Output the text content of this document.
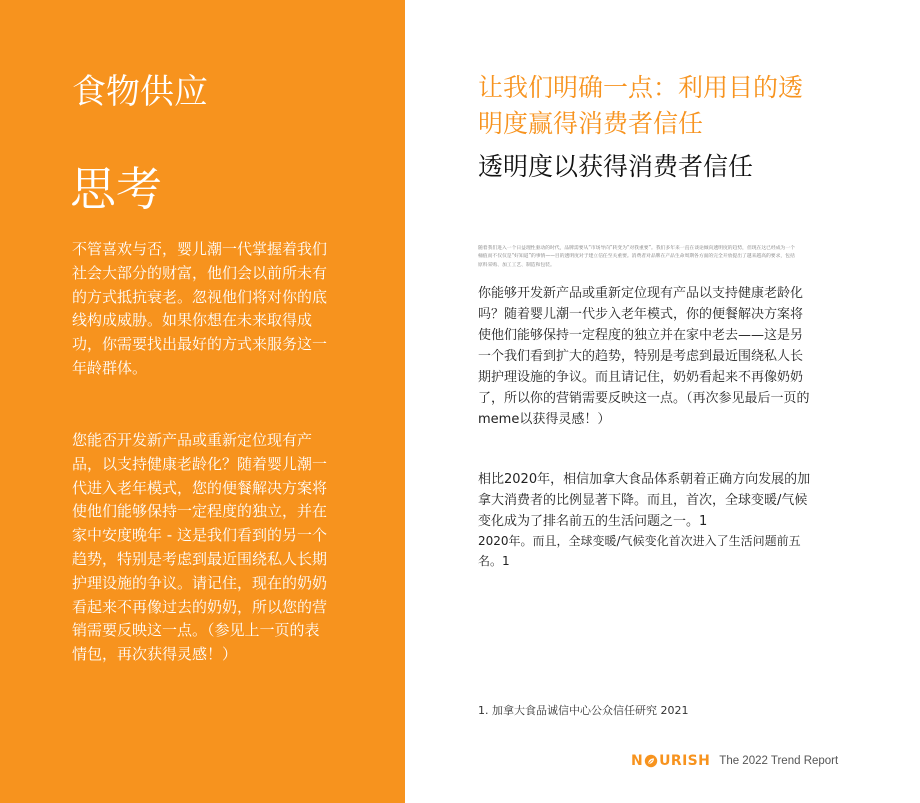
食物供应
思考

不管喜欢与否，婴儿潮一代掌握着我们社会大部分的财富，他们会以前所未有的方式抵抗衰老。忽视他们将对你的底线构成威胁。如果你想在未来取得成功，你需要找出最好的方式来服务这一年龄群体。

您能否开发新产品或重新定位现有产品，以支持健康老龄化？随着婴儿潮一代进入老年模式，您的便餐解决方案将使他们能够保持一定程度的独立，并在家中安度晚年 - 这是我们看到的另一个趋势，特别是考虑到最近围绕私人长期护理设施的争议。请记住，现在的奶奶看起来不再像过去的奶奶，所以您的营销需要反映这一点。（参见上一页的表情包，再次获得灵感！）

让我们明确一点：利用目的透明度赢得消费者信任
透明度以获得消费者信任

随着我们进入一个日益理性驱动的时代，品牌需要从“市场导向”转变为“对我重要”。我们多年来一直在谈论倾向透明度的趋势，但现在这已经成为一个桶值而不仅仅是“好知道”的事情——目的透明度对于建立信任至关重要。消费者对品牌在产品生命周期各方面的完全开放提出了越来越高的要求，包括原料采购、加工工艺、制造和包装。

你能够开发新产品或重新定位现有产品以支持健康老龄化吗？随着婴儿潮一代步入老年模式，你的便餐解决方案将使他们能够保持一定程度的独立并在家中老去——这是另一个我们看到扩大的趋势，特别是考虑到最近围绕私人长期护理设施的争议。而且请记住，奶奶看起来不再像奶奶了，所以你的营销需要反映这一点。（再次参见最后一页的meme以获得灵感！）

相比2020年，相信加拿大食品体系朝着正确方向发展的加拿大消费者的比例显著下降。而且，首次，全球变暖/气候变化成为了排名前五的生活问题之一。1

2020年。而且，全球变暖/气候变化首次进入了生活问题前五名。1

1. 加拿大食品诚信中心公众信任研究 2021

N URISH The 2022 Trend Report
